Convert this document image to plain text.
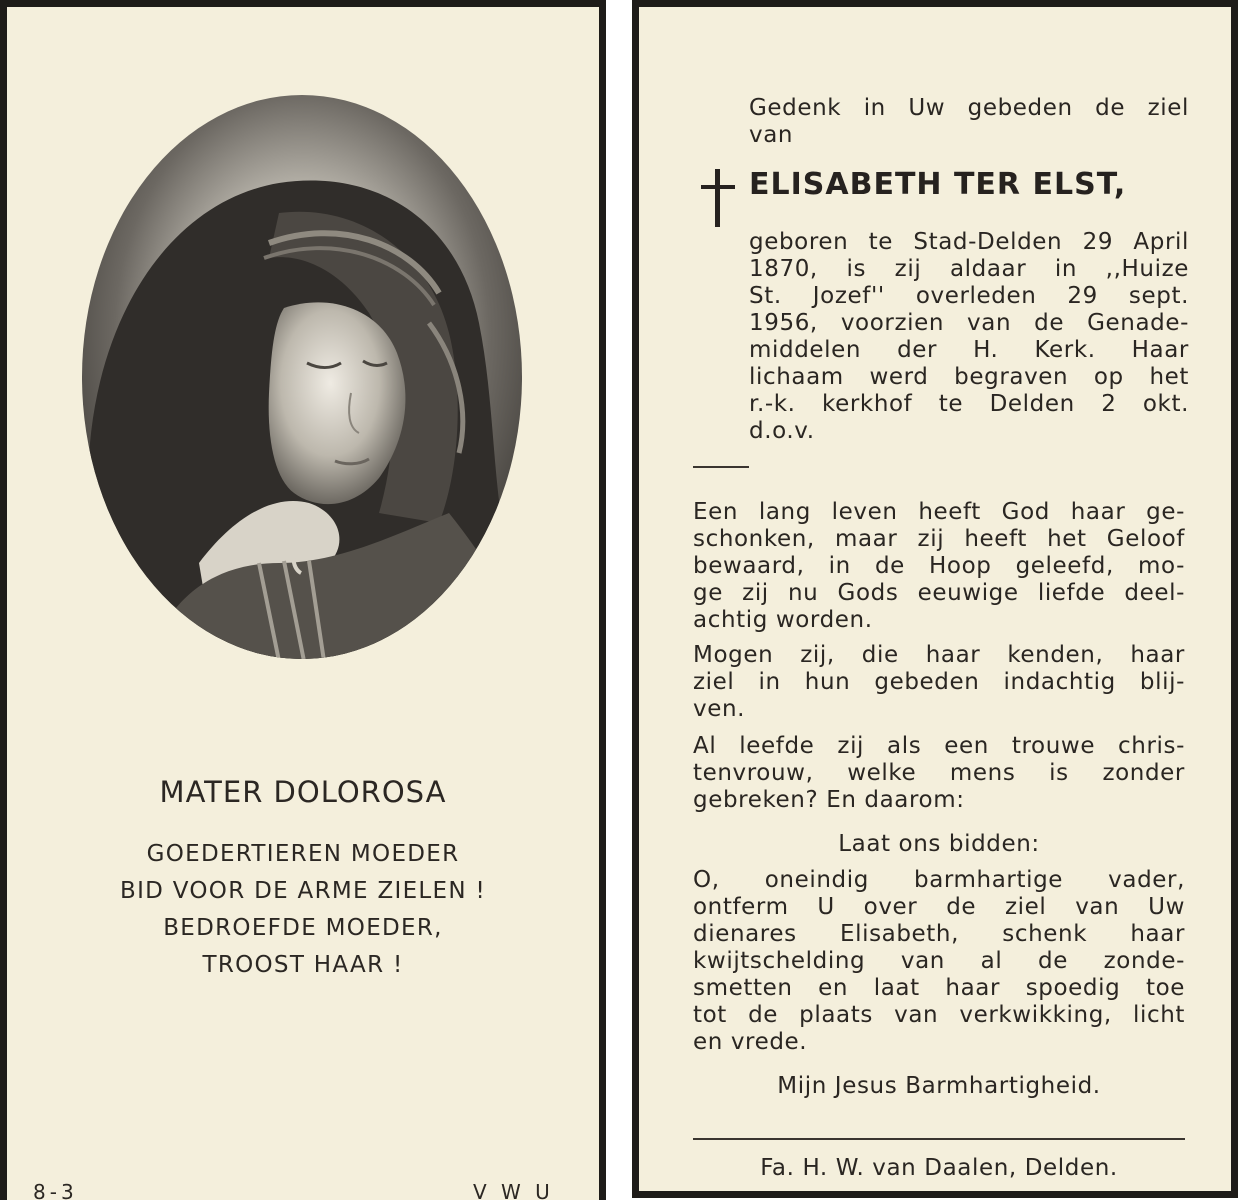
MATER DOLOROSA
GOEDERTIEREN MOEDER
BID VOOR DE ARME ZIELEN !
BEDROEFDE MOEDER,
TROOST HAAR !
8-3	V W U
Gedenk in Uw gebeden de ziel
van
ELISABETH TER ELST,
geboren te Stad-Delden 29 April
1870, is zij aldaar in ,,Huize
St. Jozef'' overleden 29 sept.
1956, voorzien van de Genade-
middelen der H. Kerk. Haar
lichaam werd begraven op het
r.-k. kerkhof te Delden 2 okt.
d.o.v.
Een lang leven heeft God haar ge-
schonken, maar zij heeft het Geloof
bewaard, in de Hoop geleefd, mo-
ge zij nu Gods eeuwige liefde deel-
achtig worden.
Mogen zij, die haar kenden, haar
ziel in hun gebeden indachtig blij-
ven.
Al leefde zij als een trouwe chris-
tenvrouw, welke mens is zonder
gebreken? En daarom:
Laat ons bidden:
O, oneindig barmhartige vader,
ontferm U over de ziel van Uw
dienares Elisabeth, schenk haar
kwijtschelding van al de zonde-
smetten en laat haar spoedig toe
tot de plaats van verkwikking, licht
en vrede.
Mijn Jesus Barmhartigheid.
Fa. H. W. van Daalen, Delden.
